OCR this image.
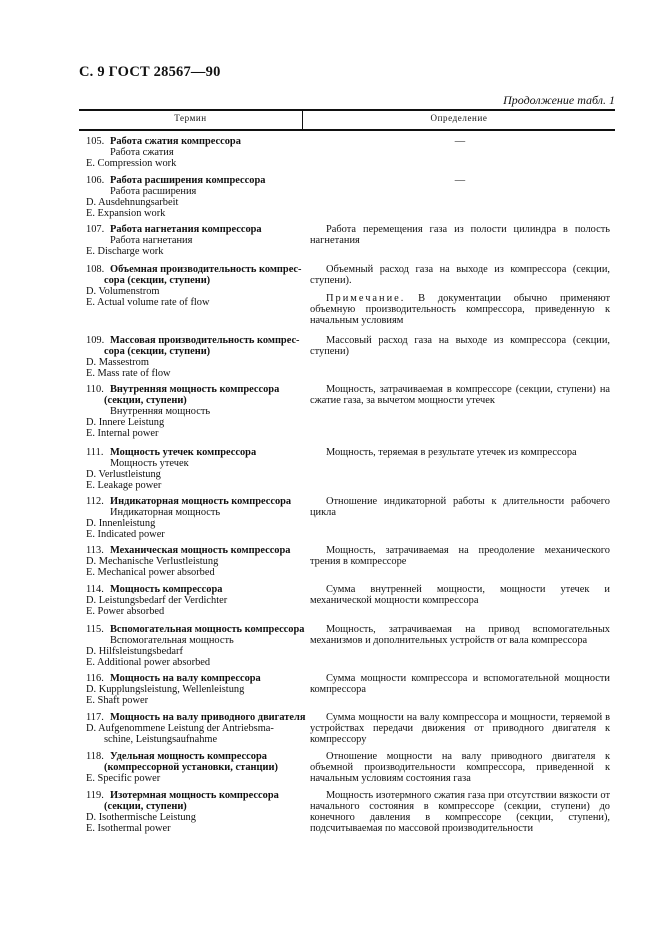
С. 9 ГОСТ 28567—90
Продолжение табл. 1
Термин	Определение
105. Работа сжатия компрессора
Работа сжатия
E. Compression work
—
106. Работа расширения компрессора
Работа расширения
D. Ausdehnungsarbeit
E. Expansion work
—
107. Работа нагнетания компрессора
Работа нагнетания
E. Discharge work

Работа перемещения газа из полости цилиндра в полость нагнетания

108. Объемная производительность компрес-
сора (секции, ступени)
D. Volumenstrom
E. Actual volume rate of flow

Объемный расход газа на выходе из компрессора (секции, ступени).

Примечание. В документации обычно применяют объемную производительность компрессора, приведенную к начальным условиям

109. Массовая производительность компрес-
сора (секции, ступени)
D. Massestrom
E. Mass rate of flow

Массовый расход газа на выходе из компрессора (секции, ступени)

110. Внутренняя мощность компрессора
(секции, ступени)
Внутренняя мощность
D. Innere Leistung
E. Internal power

Мощность, затрачиваемая в компрессоре (секции, ступени) на сжатие газа, за вычетом мощности утечек

111. Мощность утечек компрессора
Мощность утечек
D. Verlustleistung
E. Leakage power

Мощность, теряемая в результате утечек из компрессора

112. Индикаторная мощность компрессора
Индикаторная мощность
D. Innenleistung
E. Indicated power

Отношение индикаторной работы к длительности рабочего цикла

113. Механическая мощность компрессора
D. Mechanische Verlustleistung
E. Mechanical power absorbed

Мощность, затрачиваемая на преодоление механического трения в компрессоре

114. Мощность компрессора
D. Leistungsbedarf der Verdichter
E. Power absorbed

Сумма внутренней мощности, мощности утечек и механической мощности компрессора

115. Вспомогательная мощность компрессора
Вспомогательная мощность
D. Hilfsleistungsbedarf
E. Additional power absorbed

Мощность, затрачиваемая на привод вспомогательных механизмов и дополнительных устройств от вала компрессора

116. Мощность на валу компрессора
D. Kupplungsleistung, Wellenleistung
E. Shaft power

Сумма мощности компрессора и вспомогательной мощности компрессора

117. Мощность на валу приводного двигателя
D. Aufgenommene Leistung der Antriebsma-
schine, Leistungsaufnahme

Сумма мощности на валу компрессора и мощности, теряемой в устройствах передачи движения от приводного двигателя к компрессору

118. Удельная мощность компрессора
(компрессорной установки, станции)
E. Specific power

Отношение мощности на валу приводного двигателя к объемной производительности компрессора, приведенной к начальным условиям состояния газа

119. Изотермная мощность компрессора
(секции, ступени)
D. Isothermische Leistung
E. Isothermal power

Мощность изотермного сжатия газа при отсутствии вязкости от начального состояния в компрессоре (секции, ступени) до конечного давления в компрессоре (секции, ступени), подсчитываемая по массовой производительности
